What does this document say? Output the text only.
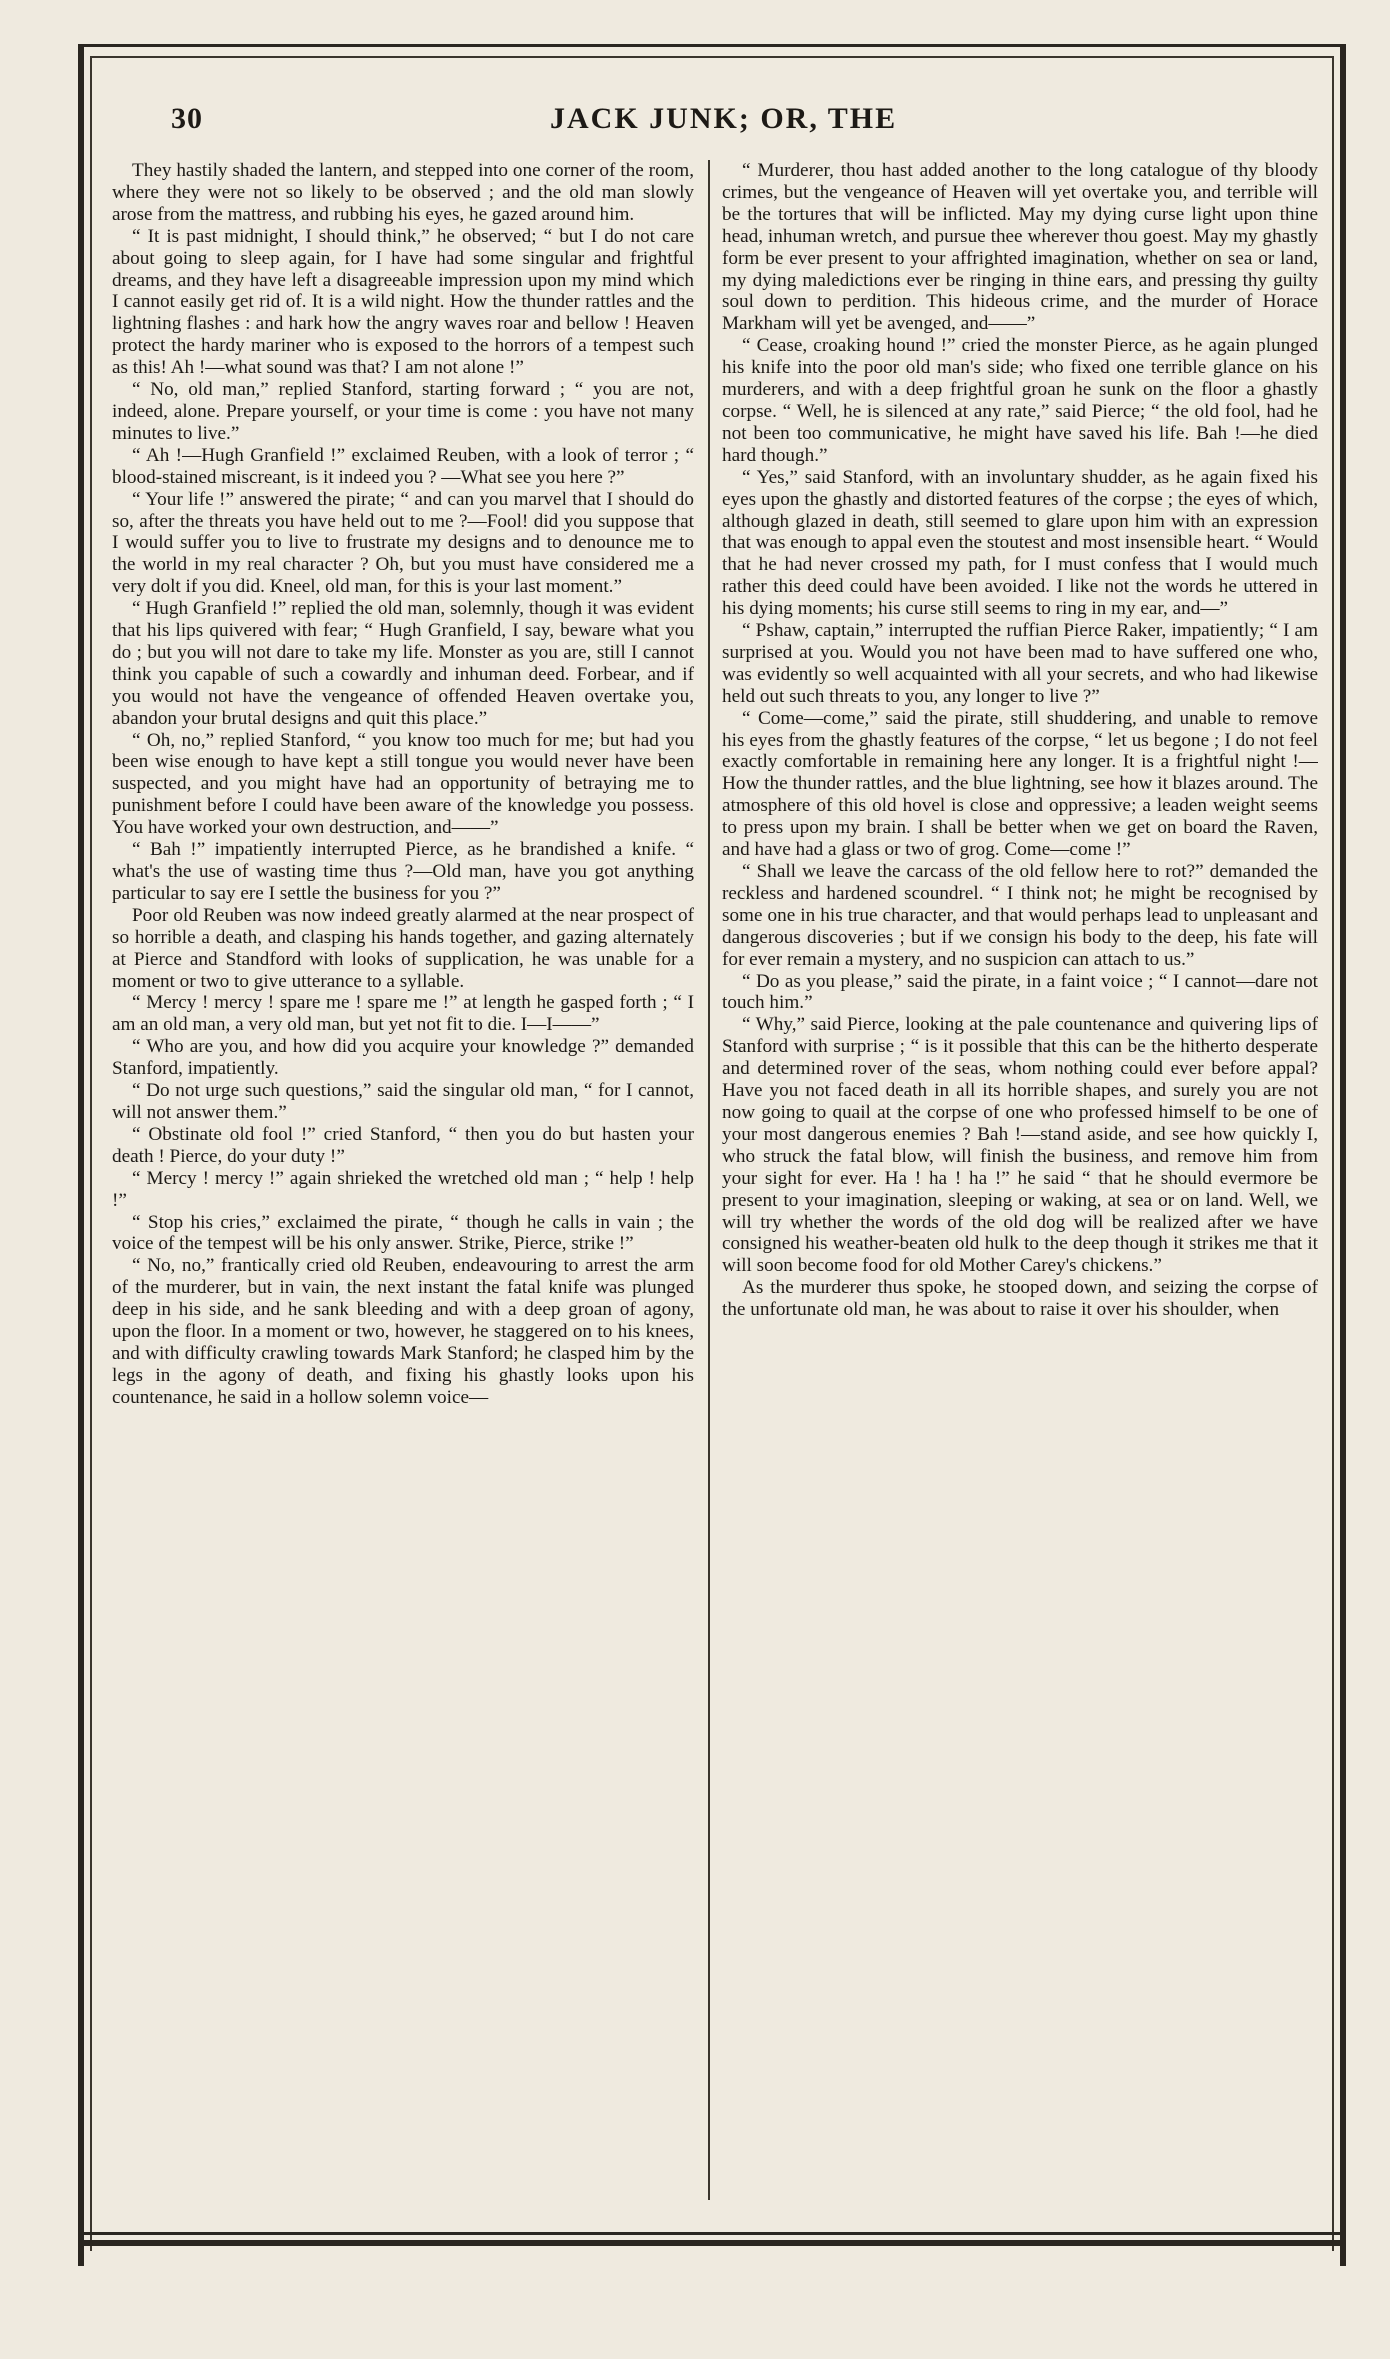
30	JACK JUNK; OR, THE

They hastily shaded the lantern, and stepped into one corner of the room, where they were not so likely to be observed ; and the old man slowly arose from the mattress, and rubbing his eyes, he gazed around him.

“ It is past midnight, I should think,” he observed; “ but I do not care about going to sleep again, for I have had some singular and frightful dreams, and they have left a disagreeable impression upon my mind which I cannot easily get rid of. It is a wild night. How the thunder rattles and the lightning flashes : and hark how the angry waves roar and bellow ! Heaven protect the hardy mariner who is exposed to the horrors of a tempest such as this! Ah !—what sound was that? I am not alone !”

“ No, old man,” replied Stanford, starting forward ; “ you are not, indeed, alone. Prepare yourself, or your time is come : you have not many minutes to live.”

“ Ah !—Hugh Granfield !” exclaimed Reuben, with a look of terror ; “ blood-stained miscreant, is it indeed you ? —What see you here ?”

“ Your life !” answered the pirate; “ and can you marvel that I should do so, after the threats you have held out to me ?—Fool! did you suppose that I would suffer you to live to frustrate my designs and to denounce me to the world in my real character ? Oh, but you must have considered me a very dolt if you did. Kneel, old man, for this is your last moment.”

“ Hugh Granfield !” replied the old man, solemnly, though it was evident that his lips quivered with fear; “ Hugh Granfield, I say, beware what you do ; but you will not dare to take my life. Monster as you are, still I cannot think you capable of such a cowardly and inhuman deed. Forbear, and if you would not have the vengeance of offended Heaven overtake you, abandon your brutal designs and quit this place.”

“ Oh, no,” replied Stanford, “ you know too much for me; but had you been wise enough to have kept a still tongue you would never have been suspected, and you might have had an opportunity of betraying me to punishment before I could have been aware of the knowledge you possess. You have worked your own destruction, and——”

“ Bah !” impatiently interrupted Pierce, as he brandished a knife. “ what's the use of wasting time thus ?—Old man, have you got anything particular to say ere I settle the business for you ?”

Poor old Reuben was now indeed greatly alarmed at the near prospect of so horrible a death, and clasping his hands together, and gazing alternately at Pierce and Standford with looks of supplication, he was unable for a moment or two to give utterance to a syllable.

“ Mercy ! mercy ! spare me ! spare me !” at length he gasped forth ; “ I am an old man, a very old man, but yet not fit to die. I—I——”

“ Who are you, and how did you acquire your knowledge ?” demanded Stanford, impatiently.

“ Do not urge such questions,” said the singular old man, “ for I cannot, will not answer them.”

“ Obstinate old fool !” cried Stanford, “ then you do but hasten your death ! Pierce, do your duty !”

“ Mercy ! mercy !” again shrieked the wretched old man ; “ help ! help !”

“ Stop his cries,” exclaimed the pirate, “ though he calls in vain ; the voice of the tempest will be his only answer. Strike, Pierce, strike !”

“ No, no,” frantically cried old Reuben, endeavouring to arrest the arm of the murderer, but in vain, the next instant the fatal knife was plunged deep in his side, and he sank bleeding and with a deep groan of agony, upon the floor. In a moment or two, however, he staggered on to his knees, and with difficulty crawling towards Mark Stanford; he clasped him by the legs in the agony of death, and fixing his ghastly looks upon his countenance, he said in a hollow solemn voice—

“ Murderer, thou hast added another to the long catalogue of thy bloody crimes, but the vengeance of Heaven will yet overtake you, and terrible will be the tortures that will be inflicted. May my dying curse light upon thine head, inhuman wretch, and pursue thee wherever thou goest. May my ghastly form be ever present to your affrighted imagination, whether on sea or land, my dying maledictions ever be ringing in thine ears, and pressing thy guilty soul down to perdition. This hideous crime, and the murder of Horace Markham will yet be avenged, and——”

“ Cease, croaking hound !” cried the monster Pierce, as he again plunged his knife into the poor old man's side; who fixed one terrible glance on his murderers, and with a deep frightful groan he sunk on the floor a ghastly corpse. “ Well, he is silenced at any rate,” said Pierce; “ the old fool, had he not been too communicative, he might have saved his life. Bah !—he died hard though.”

“ Yes,” said Stanford, with an involuntary shudder, as he again fixed his eyes upon the ghastly and distorted features of the corpse ; the eyes of which, although glazed in death, still seemed to glare upon him with an expression that was enough to appal even the stoutest and most insensible heart. “ Would that he had never crossed my path, for I must confess that I would much rather this deed could have been avoided. I like not the words he uttered in his dying moments; his curse still seems to ring in my ear, and—”

“ Pshaw, captain,” interrupted the ruffian Pierce Raker, impatiently; “ I am surprised at you. Would you not have been mad to have suffered one who, was evidently so well acquainted with all your secrets, and who had likewise held out such threats to you, any longer to live ?”

“ Come—come,” said the pirate, still shuddering, and unable to remove his eyes from the ghastly features of the corpse, “ let us begone ; I do not feel exactly comfortable in remaining here any longer. It is a frightful night !—How the thunder rattles, and the blue lightning, see how it blazes around. The atmosphere of this old hovel is close and oppressive; a leaden weight seems to press upon my brain. I shall be better when we get on board the Raven, and have had a glass or two of grog. Come—come !”

“ Shall we leave the carcass of the old fellow here to rot?” demanded the reckless and hardened scoundrel. “ I think not; he might be recognised by some one in his true character, and that would perhaps lead to unpleasant and dangerous discoveries ; but if we consign his body to the deep, his fate will for ever remain a mystery, and no suspicion can attach to us.”

“ Do as you please,” said the pirate, in a faint voice ; “ I cannot—dare not touch him.”

“ Why,” said Pierce, looking at the pale countenance and quivering lips of Stanford with surprise ; “ is it possible that this can be the hitherto desperate and determined rover of the seas, whom nothing could ever before appal? Have you not faced death in all its horrible shapes, and surely you are not now going to quail at the corpse of one who professed himself to be one of your most dangerous enemies ? Bah !—stand aside, and see how quickly I, who struck the fatal blow, will finish the business, and remove him from your sight for ever. Ha ! ha ! ha !” he said “ that he should evermore be present to your imagination, sleeping or waking, at sea or on land. Well, we will try whether the words of the old dog will be realized after we have consigned his weather-beaten old hulk to the deep though it strikes me that it will soon become food for old Mother Carey's chickens.”

As the murderer thus spoke, he stooped down, and seizing the corpse of the unfortunate old man, he was about to raise it over his shoulder, when
